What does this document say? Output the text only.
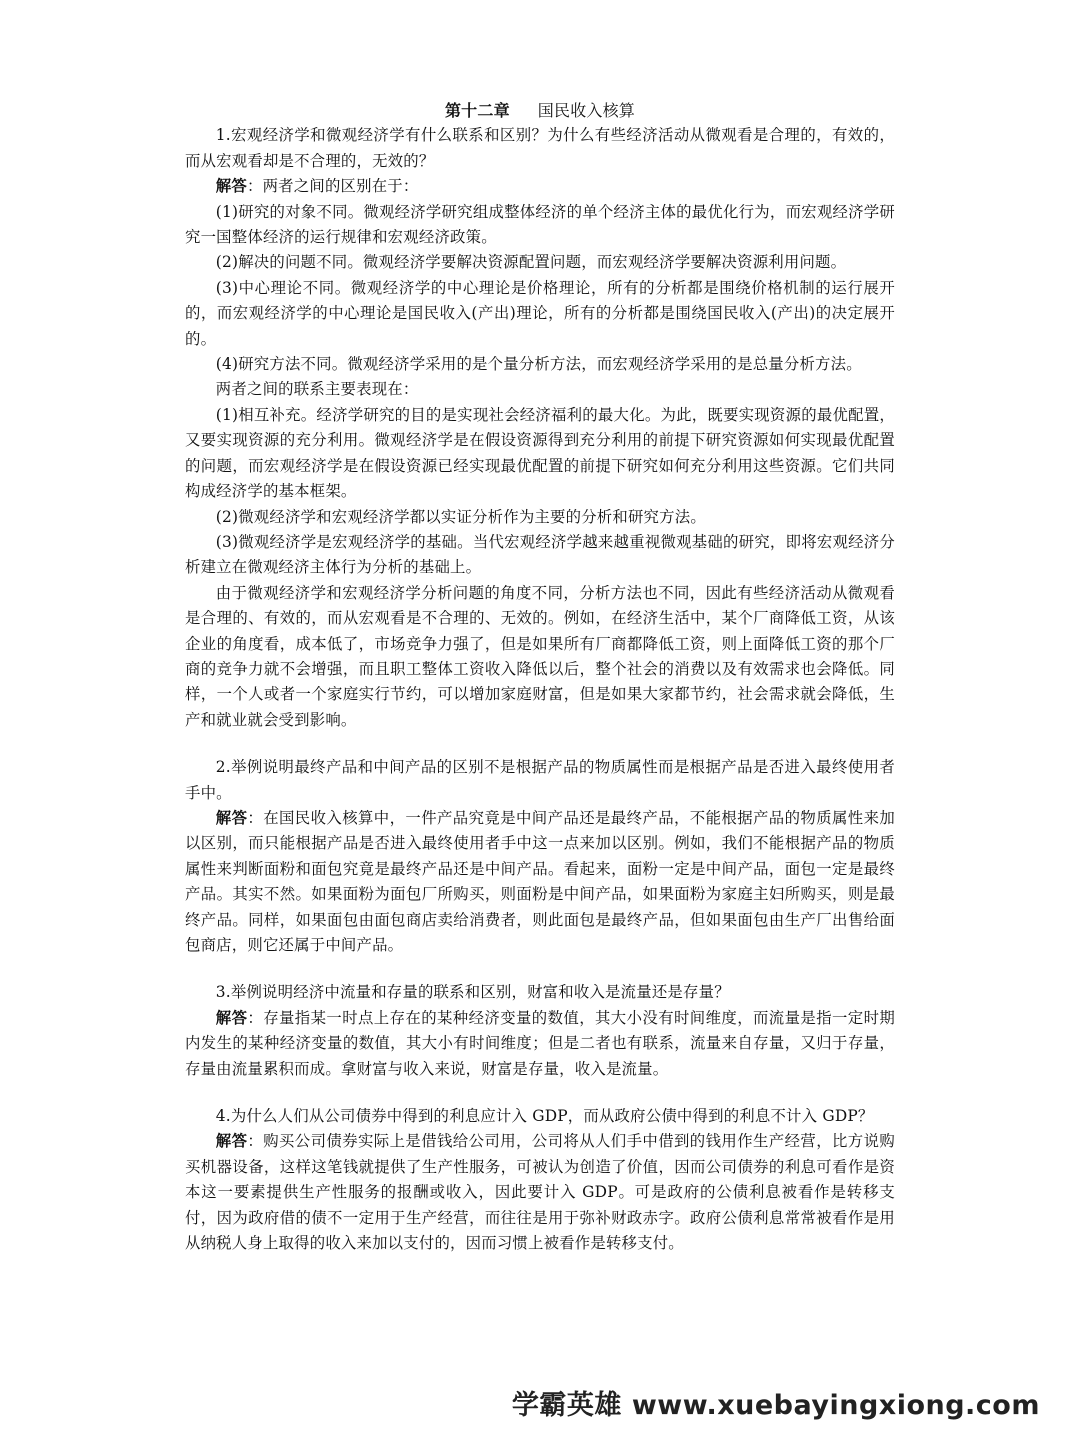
第十二章 国民收入核算

1.宏观经济学和微观经济学有什么联系和区别？为什么有些经济活动从微观看是合理的，有效的，而从宏观看却是不合理的，无效的？

解答：两者之间的区别在于：

(1)研究的对象不同。微观经济学研究组成整体经济的单个经济主体的最优化行为，而宏观经济学研究一国整体经济的运行规律和宏观经济政策。

(2)解决的问题不同。微观经济学要解决资源配置问题，而宏观经济学要解决资源利用问题。

(3)中心理论不同。微观经济学的中心理论是价格理论，所有的分析都是围绕价格机制的运行展开的，而宏观经济学的中心理论是国民收入(产出)理论，所有的分析都是围绕国民收入(产出)的决定展开的。

(4)研究方法不同。微观经济学采用的是个量分析方法，而宏观经济学采用的是总量分析方法。

两者之间的联系主要表现在：

(1)相互补充。经济学研究的目的是实现社会经济福利的最大化。为此，既要实现资源的最优配置，又要实现资源的充分利用。微观经济学是在假设资源得到充分利用的前提下研究资源如何实现最优配置的问题，而宏观经济学是在假设资源已经实现最优配置的前提下研究如何充分利用这些资源。它们共同构成经济学的基本框架。

(2)微观经济学和宏观经济学都以实证分析作为主要的分析和研究方法。

(3)微观经济学是宏观经济学的基础。当代宏观经济学越来越重视微观基础的研究，即将宏观经济分析建立在微观经济主体行为分析的基础上。

由于微观经济学和宏观经济学分析问题的角度不同，分析方法也不同，因此有些经济活动从微观看是合理的、有效的，而从宏观看是不合理的、无效的。例如，在经济生活中，某个厂商降低工资，从该企业的角度看，成本低了，市场竞争力强了，但是如果所有厂商都降低工资，则上面降低工资的那个厂商的竞争力就不会增强，而且职工整体工资收入降低以后，整个社会的消费以及有效需求也会降低。同样，一个人或者一个家庭实行节约，可以增加家庭财富，但是如果大家都节约，社会需求就会降低，生产和就业就会受到影响。

2.举例说明最终产品和中间产品的区别不是根据产品的物质属性而是根据产品是否进入最终使用者手中。

解答：在国民收入核算中，一件产品究竟是中间产品还是最终产品，不能根据产品的物质属性来加以区别，而只能根据产品是否进入最终使用者手中这一点来加以区别。例如，我们不能根据产品的物质属性来判断面粉和面包究竟是最终产品还是中间产品。看起来，面粉一定是中间产品，面包一定是最终产品。其实不然。如果面粉为面包厂所购买，则面粉是中间产品，如果面粉为家庭主妇所购买，则是最终产品。同样，如果面包由面包商店卖给消费者，则此面包是最终产品，但如果面包由生产厂出售给面包商店，则它还属于中间产品。

3.举例说明经济中流量和存量的联系和区别，财富和收入是流量还是存量？

解答：存量指某一时点上存在的某种经济变量的数值，其大小没有时间维度，而流量是指一定时期内发生的某种经济变量的数值，其大小有时间维度；但是二者也有联系，流量来自存量，又归于存量，存量由流量累积而成。拿财富与收入来说，财富是存量，收入是流量。

4.为什么人们从公司债券中得到的利息应计入 GDP，而从政府公债中得到的利息不计入 GDP？

解答：购买公司债券实际上是借钱给公司用，公司将从人们手中借到的钱用作生产经营，比方说购买机器设备，这样这笔钱就提供了生产性服务，可被认为创造了价值，因而公司债券的利息可看作是资本这一要素提供生产性服务的报酬或收入，因此要计入 GDP。可是政府的公债利息被看作是转移支付，因为政府借的债不一定用于生产经营，而往往是用于弥补财政赤字。政府公债利息常常被看作是用从纳税人身上取得的收入来加以支付的，因而习惯上被看作是转移支付。

学霸英雄 www.xuebayingxiong.com
